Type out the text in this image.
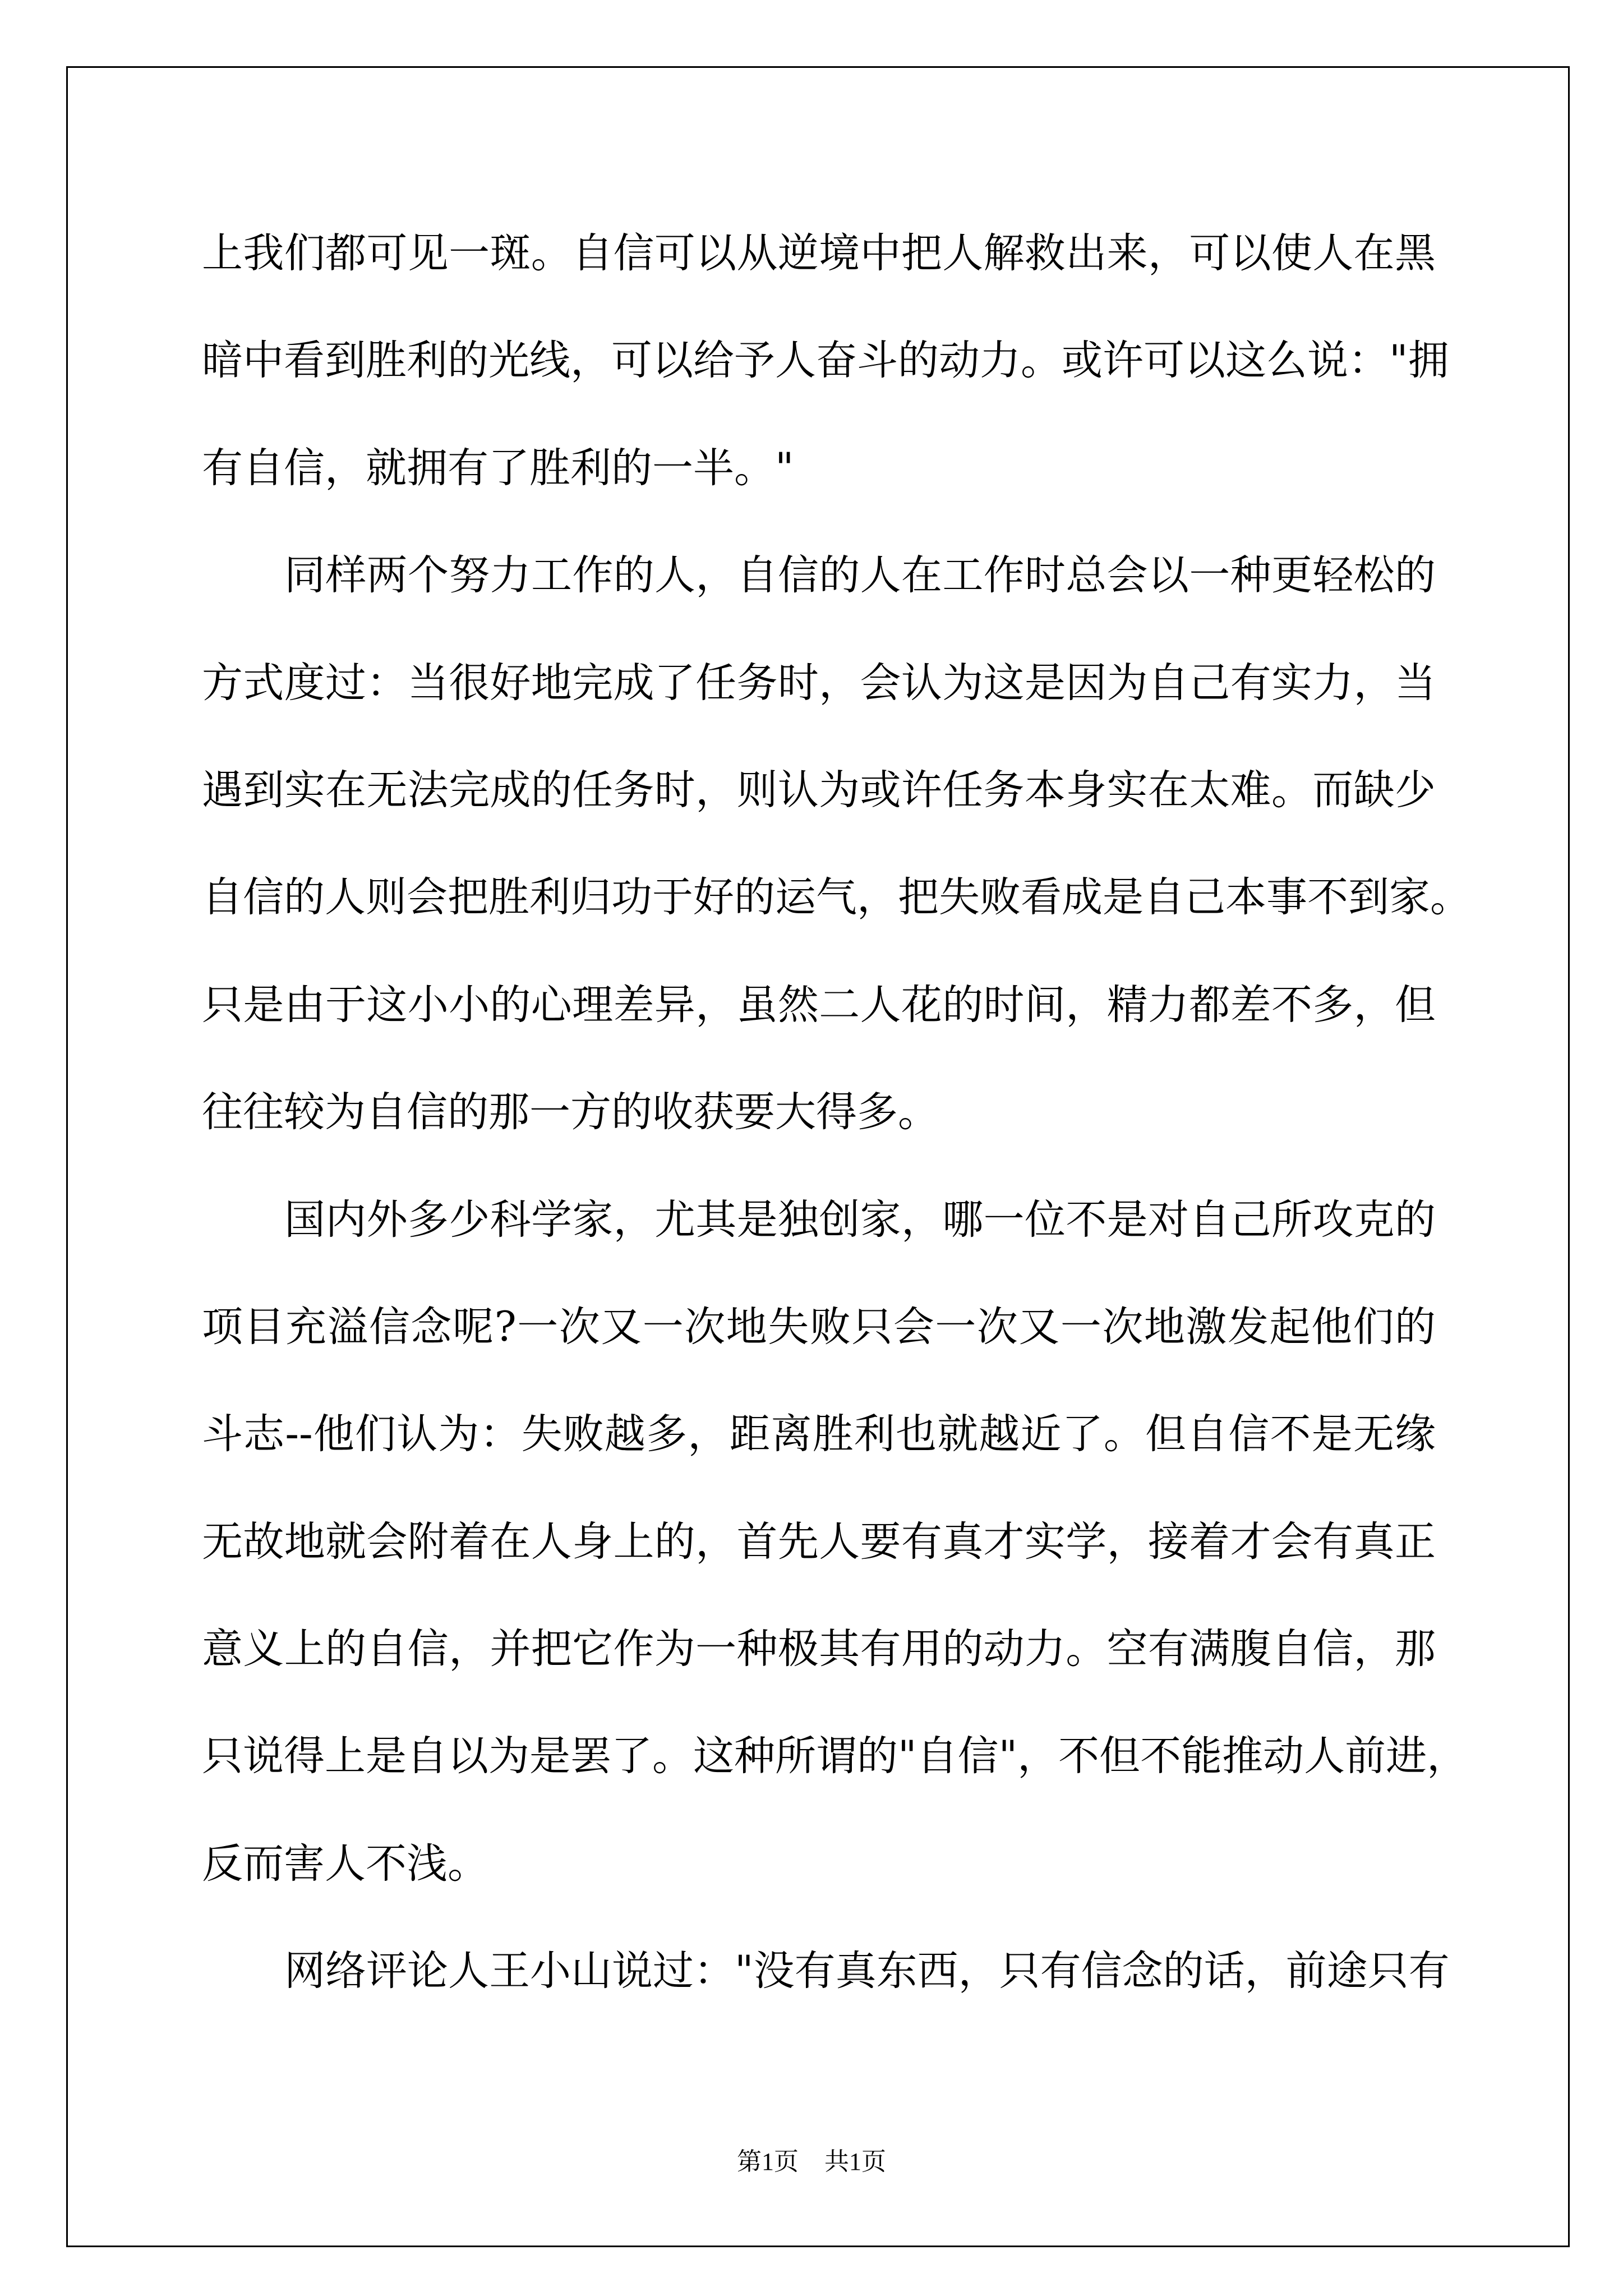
上我们都可见一斑。自信可以从逆境中把人解救出来，可以使人在黑
暗中看到胜利的光线，可以给予人奋斗的动力。或许可以这么说："拥
有自信，就拥有了胜利的一半。"
同样两个努力工作的人，自信的人在工作时总会以一种更轻松的
方式度过：当很好地完成了任务时，会认为这是因为自己有实力，当
遇到实在无法完成的任务时，则认为或许任务本身实在太难。而缺少
自信的人则会把胜利归功于好的运气，把失败看成是自己本事不到家。
只是由于这小小的心理差异，虽然二人花的时间，精力都差不多，但
往往较为自信的那一方的收获要大得多。
国内外多少科学家，尤其是独创家，哪一位不是对自己所攻克的
项目充溢信念呢?一次又一次地失败只会一次又一次地激发起他们的
斗志--他们认为：失败越多，距离胜利也就越近了。但自信不是无缘
无故地就会附着在人身上的，首先人要有真才实学，接着才会有真正
意义上的自信，并把它作为一种极其有用的动力。空有满腹自信，那
只说得上是自以为是罢了。这种所谓的"自信"，不但不能推动人前进，
反而害人不浅。
网络评论人王小山说过："没有真东西，只有信念的话，前途只有
第1页 共1页
